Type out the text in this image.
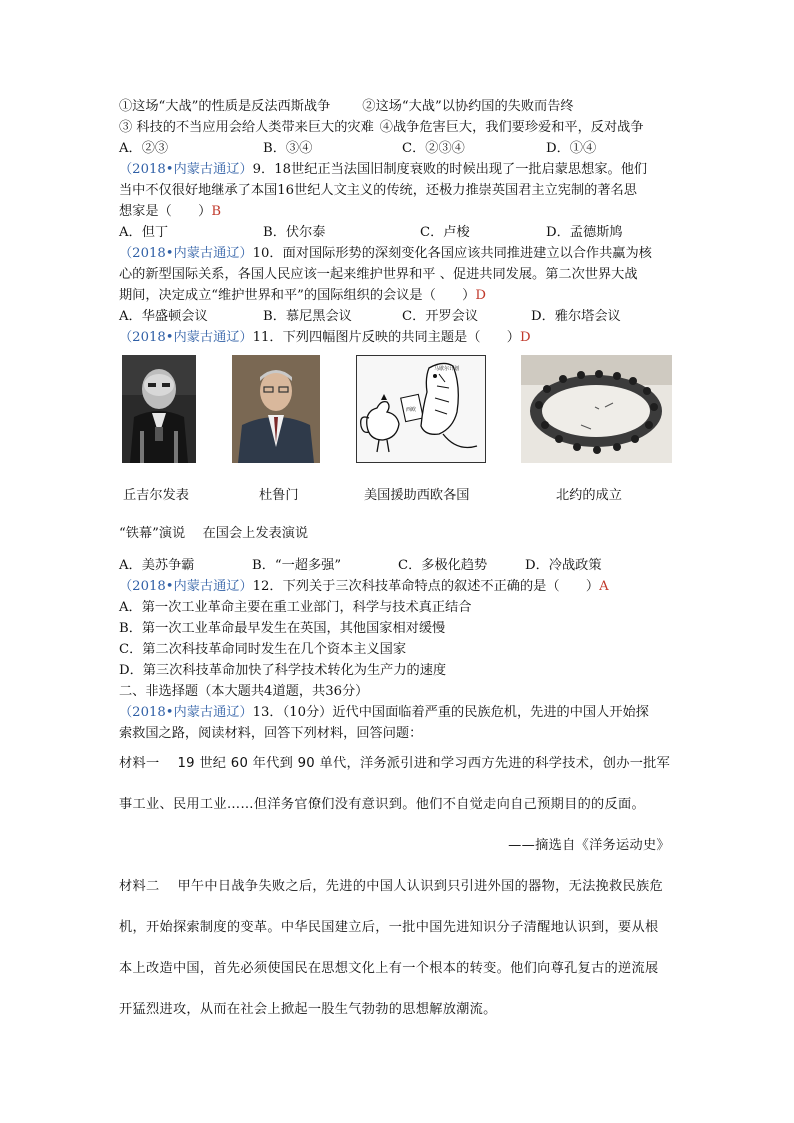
①这场“大战”的性质是反法西斯战争 ②这场“大战”以协约国的失败而告终
③ 科技的不当应用会给人类带来巨大的灾难 ④战争危害巨大，我们要珍爱和平，反对战争
A．②③	B．③④	C．②③④	D．①④
（2018•内蒙古通辽）9．18世纪正当法国旧制度衰败的时候出现了一批启蒙思想家。他们
当中不仅很好地继承了本国16世纪人文主义的传统，还极力推崇英国君主立宪制的著名思
想家是（　　）B
A．但丁	B．伏尔泰	C．卢梭	D．孟德斯鸠
（2018•内蒙古通辽）10．面对国际形势的深刻变化各国应该共同推进建立以合作共赢为核
心的新型国际关系，各国人民应该一起来维护世界和平 、促进共同发展。第二次世界大战
期间，决定成立“维护世界和平”的国际组织的会议是（　　）D
A．华盛顿会议	B．慕尼黑会议	C．开罗会议	D．雅尔塔会议
（2018•内蒙古通辽）11．下列四幅图片反映的共同主题是（　　）D
马歇尔计划
西欧
丘吉尔发表	杜鲁门	美国援助西欧各国	北约的成立
“铁幕”演说　 在国会上发表演说
A．美苏争霸	B．“一超多强”	C．多极化趋势	D．冷战政策
（2018•内蒙古通辽）12．下列关于三次科技革命特点的叙述不正确的是（　　）A
A．第一次工业革命主要在重工业部门，科学与技术真正结合
B．第一次工业革命最早发生在英国，其他国家相对缓慢
C．第二次科技革命同时发生在几个资本主义国家
D．第三次科技革命加快了科学技术转化为生产力的速度
二、非选择题（本大题共4道题，共36分）
（2018•内蒙古通辽）13．（10分）近代中国面临着严重的民族危机，先进的中国人开始探
索救国之路，阅读材料，回答下列材料，回答问题：
材料一　 19 世纪 60 年代到 90 单代，洋务派引进和学习西方先进的科学技术，创办一批军
事工业、民用工业……但洋务官僚们没有意识到。他们不自觉走向自己预期目的的反面。
——摘选自《洋务运动史》
材料二　 甲午中日战争失败之后，先进的中国人认识到只引进外国的器物，无法挽救民族危
机，开始探索制度的变革。中华民国建立后，一批中国先进知识分子清醒地认识到，要从根
本上改造中国，首先必须使国民在思想文化上有一个根本的转变。他们向尊孔复古的逆流展
开猛烈进攻，从而在社会上掀起一股生气勃勃的思想解放潮流。
